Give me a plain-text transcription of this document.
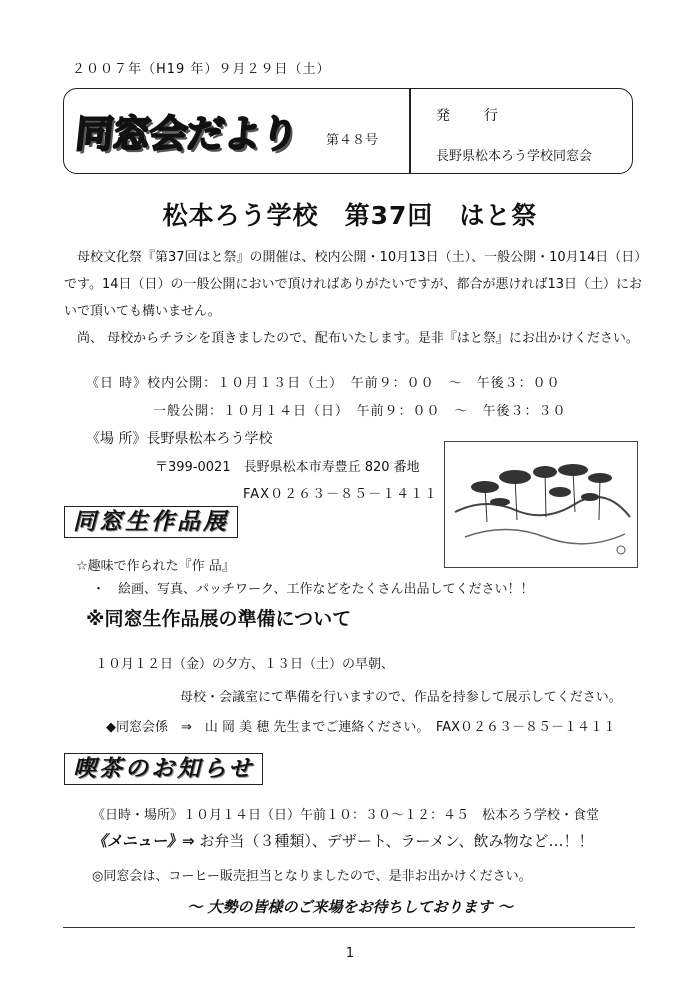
２００７年（H19 年）９月２９日（土）
同窓会だより 第４８号
発　　行
長野県松本ろう学校同窓会
松本ろう学校　第37回　はと祭

母校文化祭『第37回はと祭』の開催は、校内公開・10月13日（土）、一般公開・10月14日（日）です。14日（日）の一般公開においで頂ければありがたいですが、都合が悪ければ13日（土）においで頂いても構いません。

尚、 母校からチラシを頂きましたので、配布いたします。是非『はと祭』にお出かけください。

《日 時》校内公開：１０月１３日（土）　午前９：００　～　午後３：００
一般公開：１０月１４日（日）　午前９：００　～　午後３：３０
《場 所》長野県松本ろう学校
〒399-0021　長野県松本市寿豊丘 820 番地
FAX０２６３－８５－１４１１
同窓生作品展
☆趣味で作られた『作 品』
・　絵画、写真、パッチワーク、工作などをたくさん出品してください！！
※同窓生作品展の準備について
１０月１２日（金）の夕方、１３日（土）の早朝、
母校・会議室にて準備を行いますので、作品を持参して展示してください。
◆同窓会係　⇒　山 岡 美 穂 先生までご連絡ください。　FAX０２６３－８５－１４１１
喫茶のお知らせ
《日時・場所》１０月１４日（日）午前１０：３０～１２：４５　松本ろう学校・食堂
《メニュー》⇒ お弁当（３種類）、デザート、ラーメン、飲み物など…！！
◎同窓会は、コーヒー販売担当となりましたので、是非お出かけください。
～ 大勢の皆様のご来場をお待ちしております ～
1
